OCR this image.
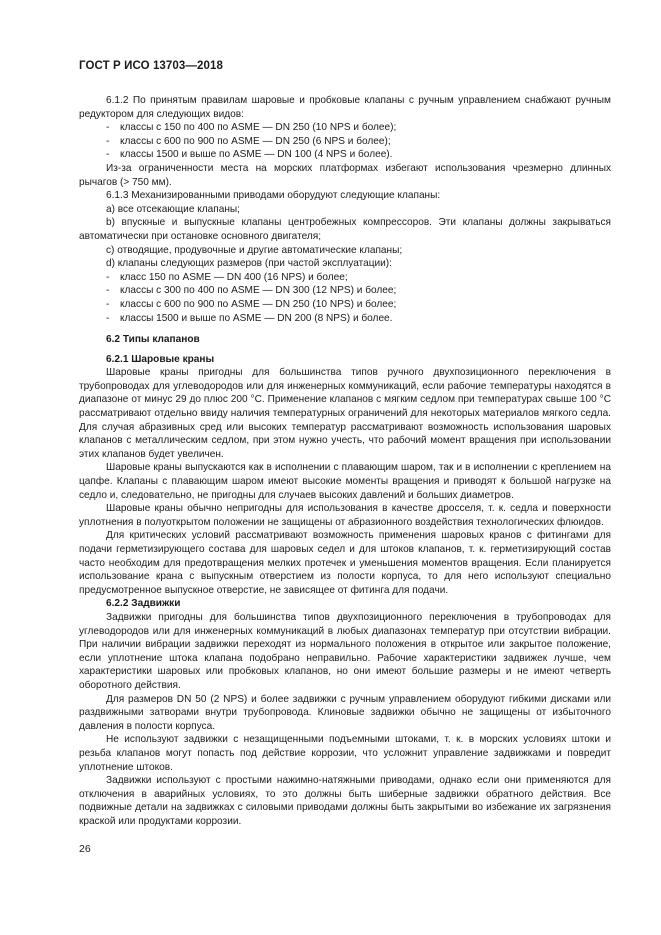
ГОСТ Р ИСО 13703—2018

6.1.2 По принятым правилам шаровые и пробковые клапаны с ручным управлением снабжают ручным редуктором для следующих видов:

- классы с 150 по 400 по ASME — DN 250 (10 NPS и более);

- классы с 600 по 900 по ASME — DN 250 (6 NPS и более);

- классы 1500 и выше по ASME — DN 100 (4 NPS и более).

Из-за ограниченности места на морских платформах избегают использования чрезмерно длинных рычагов (> 750 мм).

6.1.3 Механизированными приводами оборудуют следующие клапаны:

a) все отсекающие клапаны;

b) впускные и выпускные клапаны центробежных компрессоров. Эти клапаны должны закрываться автоматически при остановке основного двигателя;

c) отводящие, продувочные и другие автоматические клапаны;

d) клапаны следующих размеров (при частой эксплуатации):

- класс 150 по ASME — DN 400 (16 NPS) и более;

- классы с 300 по 400 по ASME — DN 300 (12 NPS) и более;

- классы с 600 по 900 по ASME — DN 250 (10 NPS) и более;

- классы 1500 и выше по ASME — DN 200 (8 NPS) и более.

6.2 Типы клапанов

6.2.1 Шаровые краны

Шаровые краны пригодны для большинства типов ручного двухпозиционного переключения в трубопроводах для углеводородов или для инженерных коммуникаций, если рабочие температуры находятся в диапазоне от минус 29 до плюс 200 °С. Применение клапанов с мягким седлом при температурах свыше 100 °С рассматривают отдельно ввиду наличия температурных ограничений для некоторых материалов мягкого седла. Для случая абразивных сред или высоких температур рассматривают возможность использования шаровых клапанов с металлическим седлом, при этом нужно учесть, что рабочий момент вращения при использовании этих клапанов будет увеличен.

Шаровые краны выпускаются как в исполнении с плавающим шаром, так и в исполнении с креплением на цапфе. Клапаны с плавающим шаром имеют высокие моменты вращения и приводят к большой нагрузке на седло и, следовательно, не пригодны для случаев высоких давлений и больших диаметров.

Шаровые краны обычно непригодны для использования в качестве дросселя, т. к. седла и поверхности уплотнения в полуоткрытом положении не защищены от абразионного воздействия технологических флюидов.

Для критических условий рассматривают возможность применения шаровых кранов с фитингами для подачи герметизирующего состава для шаровых седел и для штоков клапанов, т. к. герметизирующий состав часто необходим для предотвращения мелких протечек и уменьшения моментов вращения. Если планируется использование крана с выпускным отверстием из полости корпуса, то для него используют специально предусмотренное выпускное отверстие, не зависящее от фитинга для подачи.

6.2.2 Задвижки

Задвижки пригодны для большинства типов двухпозиционного переключения в трубопроводах для углеводородов или для инженерных коммуникаций в любых диапазонах температур при отсутствии вибрации. При наличии вибрации задвижки переходят из нормального положения в открытое или закрытое положение, если уплотнение штока клапана подобрано неправильно. Рабочие характеристики задвижек лучше, чем характеристики шаровых или пробковых клапанов, но они имеют большие размеры и не имеют четверть оборотного действия.

Для размеров DN 50 (2 NPS) и более задвижки с ручным управлением оборудуют гибкими дисками или раздвижными затворами внутри трубопровода. Клиновые задвижки обычно не защищены от избыточного давления в полости корпуса.

Не используют задвижки с незащищенными подъемными штоками, т. к. в морских условиях штоки и резьба клапанов могут попасть под действие коррозии, что усложнит управление задвижками и повредит уплотнение штоков.

Задвижки используют с простыми нажимно-натяжными приводами, однако если они применяются для отключения в аварийных условиях, то это должны быть шиберные задвижки обратного действия. Все подвижные детали на задвижках с силовыми приводами должны быть закрытыми во избежание их загрязнения краской или продуктами коррозии.

26
